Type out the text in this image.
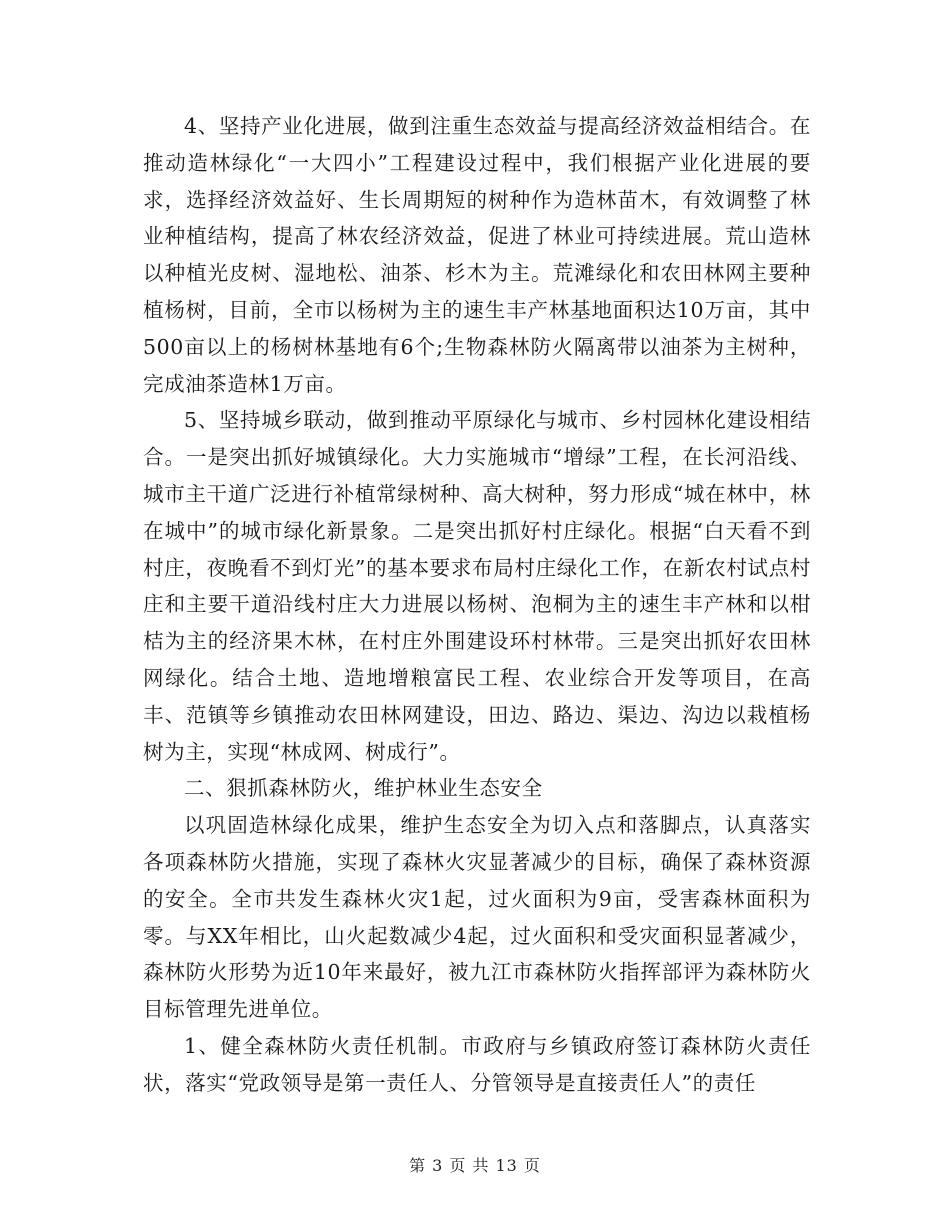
4、坚持产业化进展，做到注重生态效益与提高经济效益相结合。在推动造林绿化“一大四小”工程建设过程中，我们根据产业化进展的要求，选择经济效益好、生长周期短的树种作为造林苗木，有效调整了林业种植结构，提高了林农经济效益，促进了林业可持续进展。荒山造林以种植光皮树、湿地松、油茶、杉木为主。荒滩绿化和农田林网主要种植杨树，目前，全市以杨树为主的速生丰产林基地面积达10万亩，其中500亩以上的杨树林基地有6个;生物森林防火隔离带以油茶为主树种，完成油茶造林1万亩。

5、坚持城乡联动，做到推动平原绿化与城市、乡村园林化建设相结合。一是突出抓好城镇绿化。大力实施城市“增绿”工程，在长河沿线、城市主干道广泛进行补植常绿树种、高大树种，努力形成“城在林中，林在城中”的城市绿化新景象。二是突出抓好村庄绿化。根据“白天看不到村庄，夜晚看不到灯光”的基本要求布局村庄绿化工作，在新农村试点村庄和主要干道沿线村庄大力进展以杨树、泡桐为主的速生丰产林和以柑桔为主的经济果木林，在村庄外围建设环村林带。三是突出抓好农田林网绿化。结合土地、造地增粮富民工程、农业综合开发等项目，在高丰、范镇等乡镇推动农田林网建设，田边、路边、渠边、沟边以栽植杨树为主，实现“林成网、树成行”。

二、狠抓森林防火，维护林业生态安全

以巩固造林绿化成果，维护生态安全为切入点和落脚点，认真落实各项森林防火措施，实现了森林火灾显著减少的目标，确保了森林资源的安全。全市共发生森林火灾1起，过火面积为9亩，受害森林面积为零。与XX年相比，山火起数减少4起，过火面积和受灾面积显著减少，森林防火形势为近10年来最好，被九江市森林防火指挥部评为森林防火目标管理先进单位。

1、健全森林防火责任机制。市政府与乡镇政府签订森林防火责任状，落实“党政领导是第一责任人、分管领导是直接责任人”的责任

第 3 页 共 13 页
